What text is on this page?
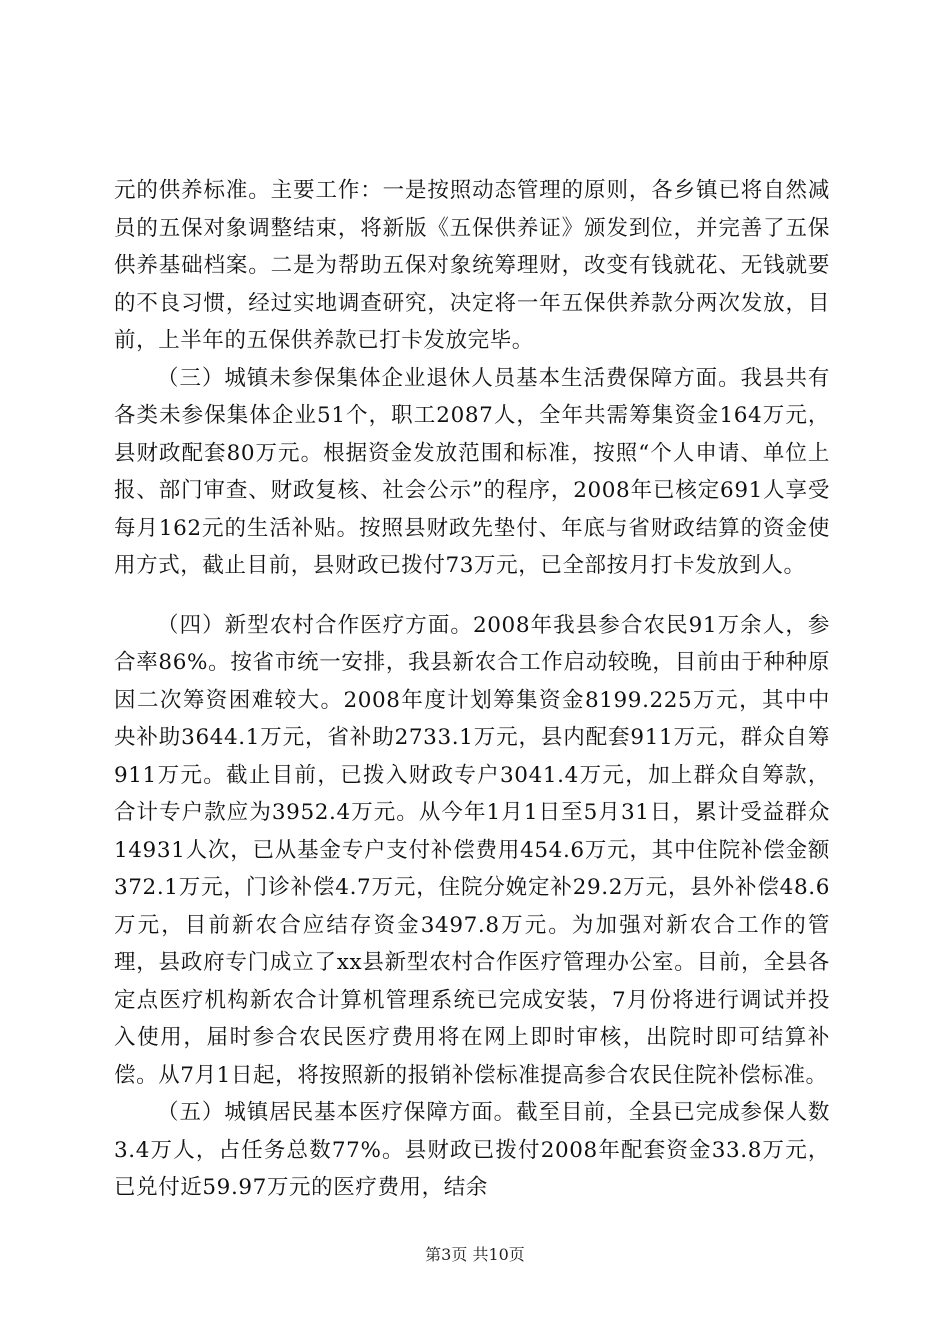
元的供养标准。主要工作：一是按照动态管理的原则，各乡镇已将自然减员的五保对象调整结束，将新版《五保供养证》颁发到位，并完善了五保供养基础档案。二是为帮助五保对象统筹理财，改变有钱就花、无钱就要的不良习惯，经过实地调查研究，决定将一年五保供养款分两次发放，目前，上半年的五保供养款已打卡发放完毕。

（三）城镇未参保集体企业退休人员基本生活费保障方面。我县共有各类未参保集体企业51个，职工2087人，全年共需筹集资金164万元，县财政配套80万元。根据资金发放范围和标准，按照“个人申请、单位上报、部门审查、财政复核、社会公示”的程序，2008年已核定691人享受每月162元的生活补贴。按照县财政先垫付、年底与省财政结算的资金使用方式，截止目前，县财政已拨付73万元，已全部按月打卡发放到人。

（四）新型农村合作医疗方面。2008年我县参合农民91万余人，参合率86%。按省市统一安排，我县新农合工作启动较晚，目前由于种种原因二次筹资困难较大。2008年度计划筹集资金8199.225万元，其中中央补助3644.1万元，省补助2733.1万元，县内配套911万元，群众自筹911万元。截止目前，已拨入财政专户3041.4万元，加上群众自筹款，合计专户款应为3952.4万元。从今年1月1日至5月31日，累计受益群众14931人次，已从基金专户支付补偿费用454.6万元，其中住院补偿金额372.1万元，门诊补偿4.7万元，住院分娩定补29.2万元，县外补偿48.6万元，目前新农合应结存资金3497.8万元。为加强对新农合工作的管理，县政府专门成立了xx县新型农村合作医疗管理办公室。目前，全县各定点医疗机构新农合计算机管理系统已完成安装，7月份将进行调试并投入使用，届时参合农民医疗费用将在网上即时审核，出院时即可结算补偿。从7月1日起，将按照新的报销补偿标准提高参合农民住院补偿标准。

（五）城镇居民基本医疗保障方面。截至目前，全县已完成参保人数3.4万人，占任务总数77%。县财政已拨付2008年配套资金33.8万元，已兑付近59.97万元的医疗费用，结余

第3页 共10页
